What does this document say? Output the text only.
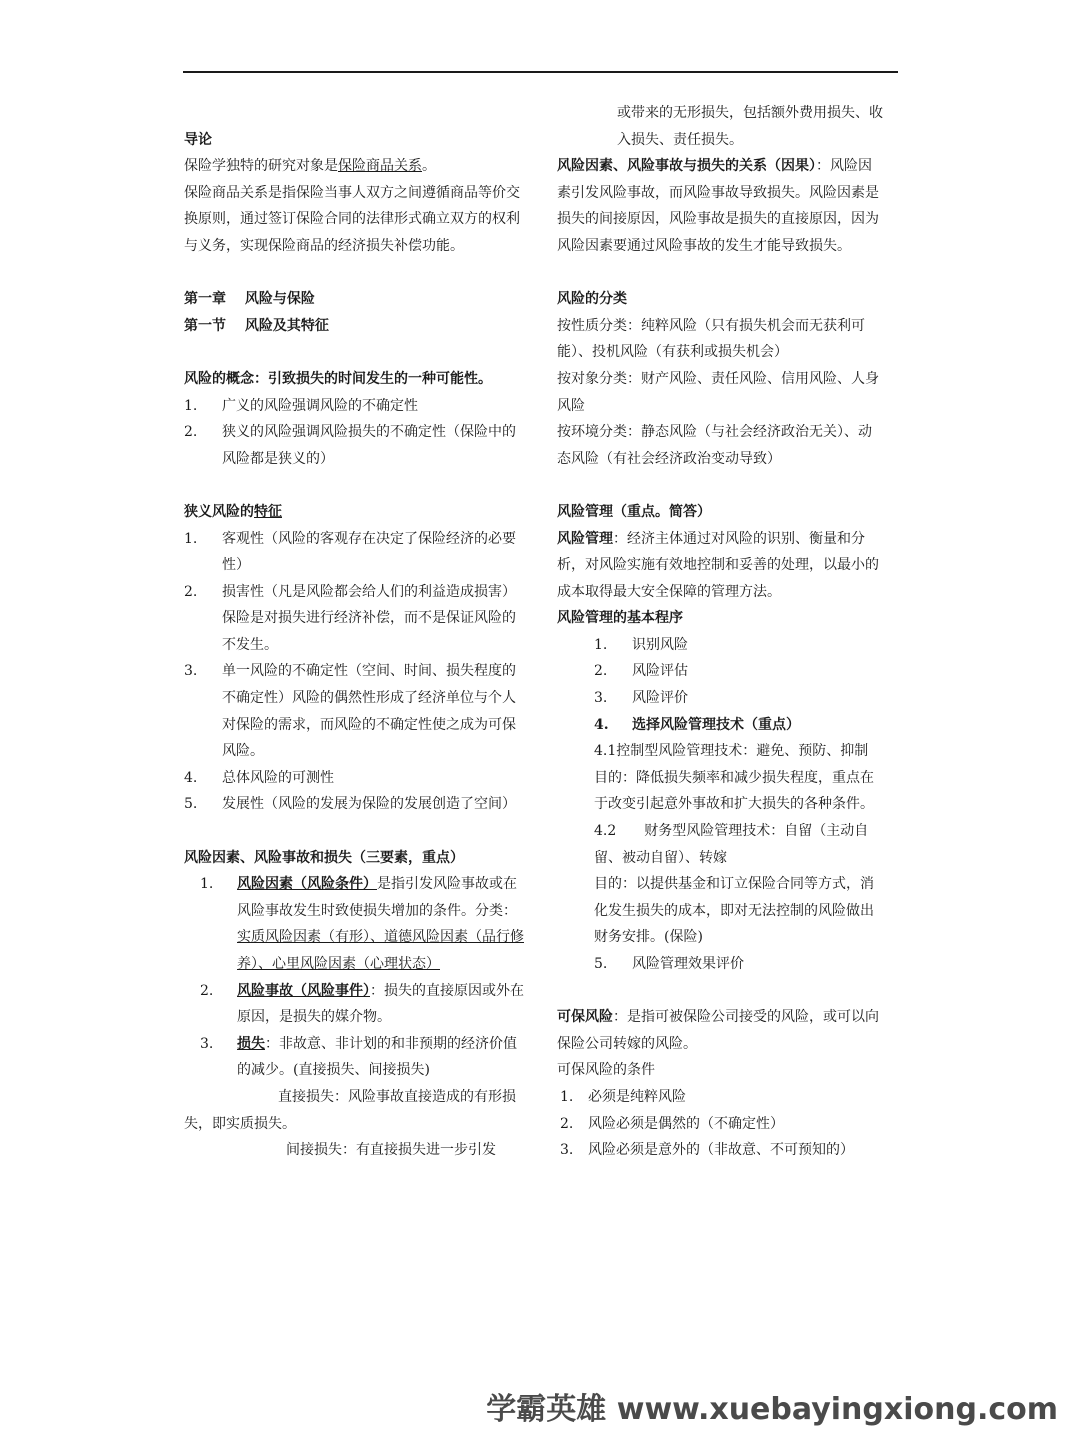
导论

保险学独特的研究对象是保险商品关系。

保险商品关系是指保险当事人双方之间遵循商品等价交换原则，通过签订保险合同的法律形式确立双方的权利与义务，实现保险商品的经济损失补偿功能。

第一章　 风险与保险

第一节　 风险及其特征

风险的概念：引致损失的时间发生的一种可能性。

1. 广义的风险强调风险的不确定性
2. 狭义的风险强调风险损失的不确定性（保险中的风险都是狭义的）

狭义风险的特征

1. 客观性（风险的客观存在决定了保险经济的必要性）
2. 损害性（凡是风险都会给人们的利益造成损害）保险是对损失进行经济补偿，而不是保证风险的不发生。
3. 单一风险的不确定性（空间、时间、损失程度的不确定性）风险的偶然性形成了经济单位与个人对保险的需求，而风险的不确定性使之成为可保风险。
4. 总体风险的可测性
5. 发展性（风险的发展为保险的发展创造了空间）

风险因素、风险事故和损失（三要素，重点）

1. 风险因素（风险条件）是指引发风险事故或在风险事故发生时致使损失增加的条件。分类：实质风险因素（有形）、道德风险因素（品行修养）、心里风险因素（心理状态）
2. 风险事故（风险事件）：损失的直接原因或外在原因，是损失的媒介物。
3. 损失：非故意、非计划的和非预期的经济价值的减少。(直接损失、间接损失)

直接损失：风险事故直接造成的有形损失，即实质损失。

间接损失：有直接损失进一步引发

或带来的无形损失，包括额外费用损失、收入损失、责任损失。

风险因素、风险事故与损失的关系（因果）：风险因素引发风险事故，而风险事故导致损失。风险因素是损失的间接原因，风险事故是损失的直接原因，因为风险因素要通过风险事故的发生才能导致损失。

风险的分类

按性质分类：纯粹风险（只有损失机会而无获利可能）、投机风险（有获利或损失机会）

按对象分类：财产风险、责任风险、信用风险、人身风险

按环境分类：静态风险（与社会经济政治无关）、动态风险（有社会经济政治变动导致）

风险管理（重点。简答）

风险管理：经济主体通过对风险的识别、衡量和分析，对风险实施有效地控制和妥善的处理，以最小的成本取得最大安全保障的管理方法。

风险管理的基本程序

1. 识别风险
2. 风险评估
3. 风险评价
4. 选择风险管理技术（重点）

4.1控制型风险管理技术：避免、预防、抑制

目的：降低损失频率和减少损失程度，重点在于改变引起意外事故和扩大损失的各种条件。

4.2　　财务型风险管理技术：自留（主动自留、被动自留）、转嫁

目的：以提供基金和订立保险合同等方式，消化发生损失的成本，即对无法控制的风险做出财务安排。(保险)

5. 风险管理效果评价

可保风险：是指可被保险公司接受的风险，或可以向保险公司转嫁的风险。

可保风险的条件

1. 必须是纯粹风险
2. 风险必须是偶然的（不确定性）
3. 风险必须是意外的（非故意、不可预知的）
学霸英雄 www.xuebayingxiong.com
